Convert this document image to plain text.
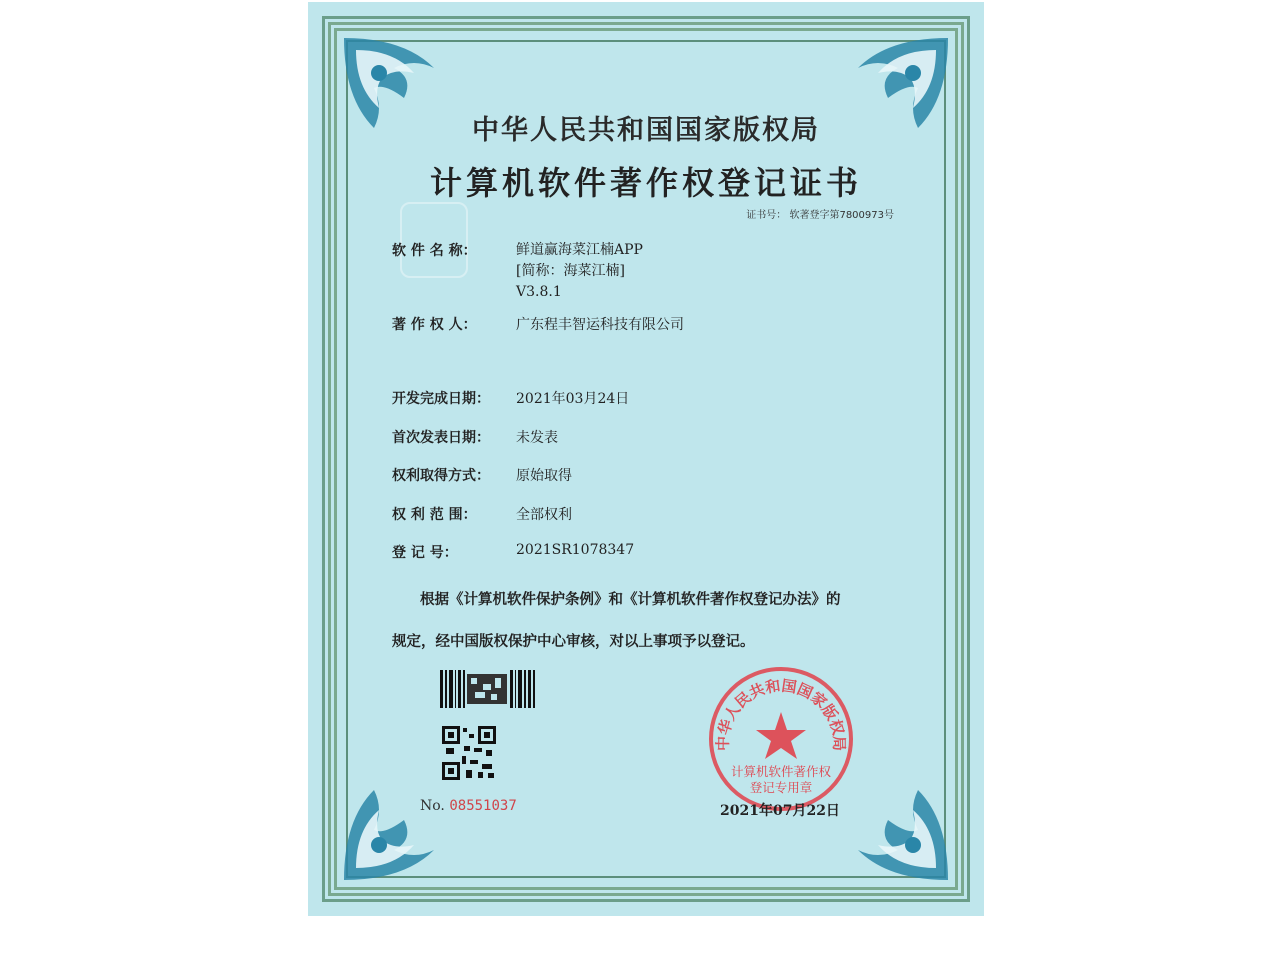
中华人民共和国国家版权局
计算机软件著作权登记证书
证书号： 软著登字第7800973号
软 件 名 称：	鲜道赢海菜江楠APP
[简称：海菜江楠]
V3.8.1
著 作 权 人：	广东程丰智运科技有限公司
开发完成日期： 2021年03月24日
首次发表日期： 未发表
权利取得方式： 原始取得
权 利 范 围：	全部权利
登 记 号：	2021SR1078347
根据《计算机软件保护条例》和《计算机软件著作权登记办法》的
规定，经中国版权保护中心审核，对以上事项予以登记。
No. 08551037
中华人民共和国国家版权局
计算机软件著作权
登记专用章
2021年07月22日
